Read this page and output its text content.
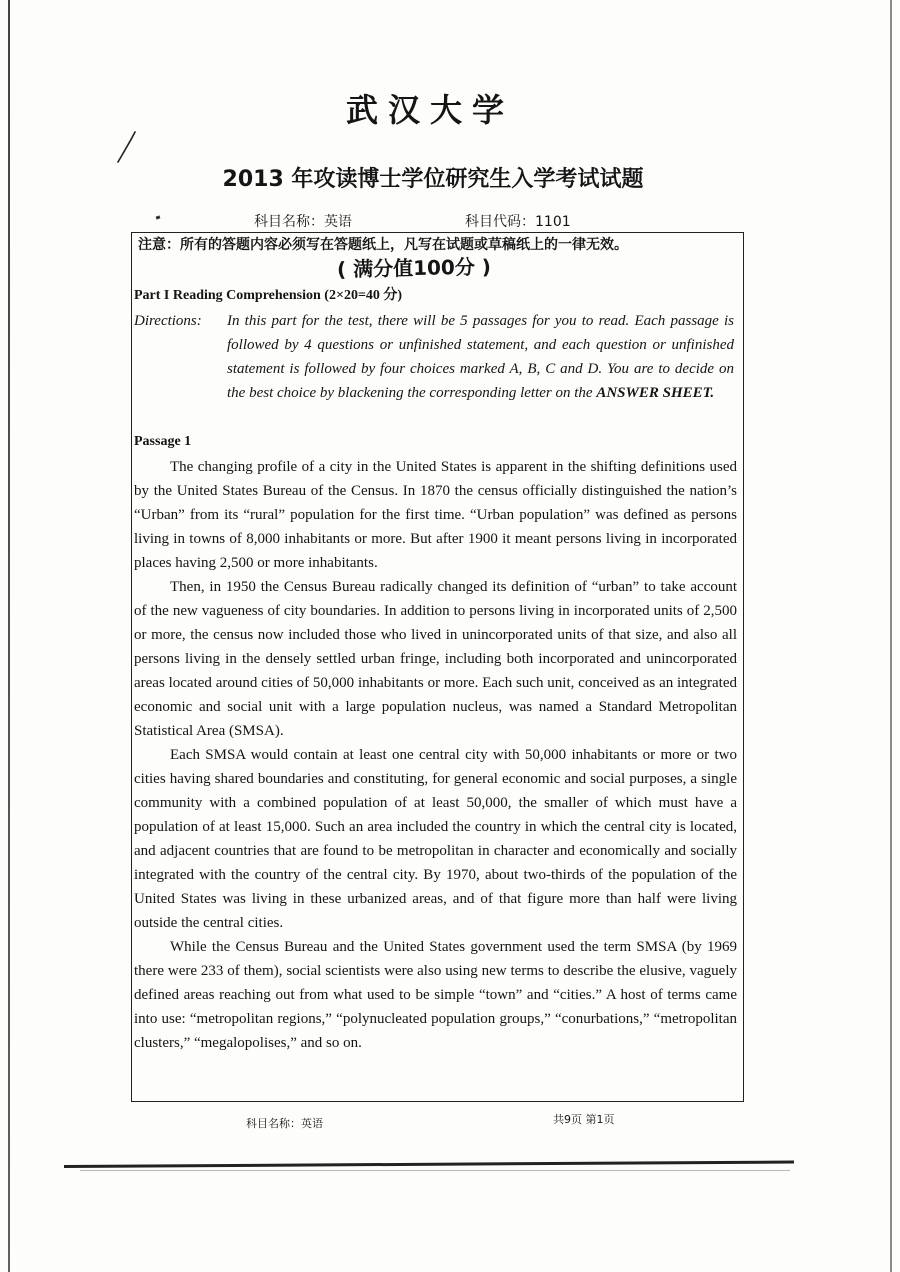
武汉大学
2013 年攻读博士学位研究生入学考试试题
科目名称：英语	科目代码：1101
注意：所有的答题内容必须写在答题纸上，凡写在试题或草稿纸上的一律无效。
( 满分值100分 )
Part I Reading Comprehension (2×20=40 分)
Directions: In this part for the test, there will be 5 passages for you to read. Each passage is followed by 4 questions or unfinished statement, and each question or unfinished statement is followed by four choices marked A, B, C and D. You are to decide on the best choice by blackening the corresponding letter on the ANSWER SHEET.
Passage 1

The changing profile of a city in the United States is apparent in the shifting definitions used by the United States Bureau of the Census. In 1870 the census officially distinguished the nation’s “Urban” from its “rural” population for the first time. “Urban population” was defined as persons living in towns of 8,000 inhabitants or more. But after 1900 it meant persons living in incorporated places having 2,500 or more inhabitants.

Then, in 1950 the Census Bureau radically changed its definition of “urban” to take account of the new vagueness of city boundaries. In addition to persons living in incorporated units of 2,500 or more, the census now included those who lived in unincorporated units of that size, and also all persons living in the densely settled urban fringe, including both incorporated and unincorporated areas located around cities of 50,000 inhabitants or more. Each such unit, conceived as an integrated economic and social unit with a large population nucleus, was named a Standard Metropolitan Statistical Area (SMSA).

Each SMSA would contain at least one central city with 50,000 inhabitants or more or two cities having shared boundaries and constituting, for general economic and social purposes, a single community with a combined population of at least 50,000, the smaller of which must have a population of at least 15,000. Such an area included the country in which the central city is located, and adjacent countries that are found to be metropolitan in character and economically and socially integrated with the country of the central city. By 1970, about two-thirds of the population of the United States was living in these urbanized areas, and of that figure more than half were living outside the central cities.

While the Census Bureau and the United States government used the term SMSA (by 1969 there were 233 of them), social scientists were also using new terms to describe the elusive, vaguely defined areas reaching out from what used to be simple “town” and “cities.” A host of terms came into use: “metropolitan regions,” “polynucleated population groups,” “conurbations,” “metropolitan clusters,” “megalopolises,” and so on.

科目名称：英语	共9页 第1页
